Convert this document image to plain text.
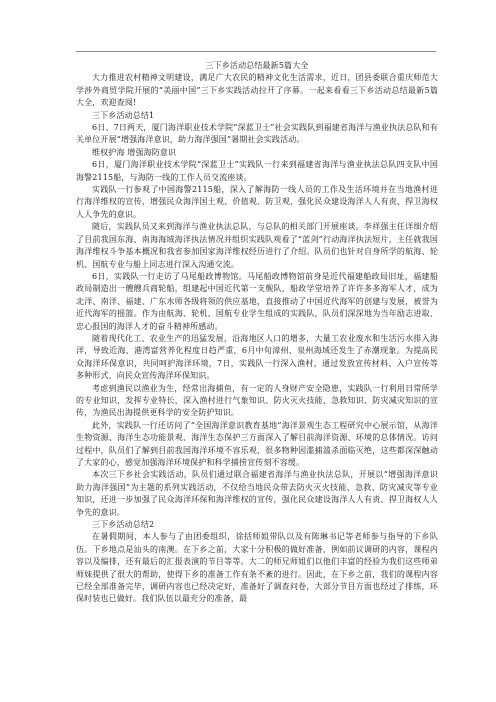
三下乡活动总结最新5篇大全

大力推进农村精神文明建设，满足广大农民的精神文化生活需求，近日，团县委联合重庆师范大学涉外商贸学院开展的“美丽中国”三下乡实践活动拉开了序幕。一起来看看三下乡活动总结最新5篇大全，欢迎查阅!

三下乡活动总结1

6日、7日两天，厦门海洋职业技术学院“深蓝卫士”社会实践队到福建省海洋与渔业执法总队和有关单位开展“增强海洋意识，助力海洋强国”暑期社会实践活动。

维权护海 增强海防意识

6日，厦门海洋职业技术学院“深蓝卫士”实践队一行来到福建省海洋与渔业执法总队四支队中国海警2115船，与海防一线的工作人员交流座谈。

实践队一行参观了中国海警2115船，深入了解海防一线人员的工作及生活环境并在当地渔村进行海洋维权的宣传，增强民众海洋国土观、价值观、防卫观，强化民众建设海洋人人有责、捍卫海权人人争先的意识。

随后，实践队员又来到海洋与渔业执法总队，与总队的相关部门开展座谈。李祥强主任详细介绍了目前我国东海、南海海域海洋执法情况并组织实践队观看了“蓝剑”行动海洋执法短片，主任就我国海洋维权斗争基本概况和我省参加国家海洋维权经历进行了介绍。队员们也针对自身所学的航海、轮机、国航专业与船上同志进行深入沟通交流。

6日，实践队一行走访了马尾船政博物馆。马尾船政博物馆前身是近代福建船政局旧址，福建船政局制造出一艘艘兵商轮船，组建起中国近代第一支舰队，船政学堂培养了许许多多海军人才，成为北洋、南洋、福建、广东水师各级将领的供应基地，直接推动了中国近代海军的创建与发展，被誉为近代海军的摇篮。作为由航海、轮机、国航专业学生组成的实践队，队员们深深地为当年励志进取、忠心报国的海洋人才的奋斗精神所感动。

随着现代化工、农业生产的迅猛发展，沿海地区人口的增多，大量工农业废水和生活污水排入海洋，导致近海、港湾富营养化程度日趋严重，6月中旬漳州、泉州海域还发生了赤潮现象。为提高民众海洋环保意识，共同呵护海洋环境，7日，实践队一行深入渔村，通过发放宣传材料、入户宣传等多种形式，向民众宣传海洋环保知识。

考虑到渔民以渔业为生，经常出海捕鱼，有一定的人身财产安全隐患，实践队一行利用日常所学的专业知识，发挥专业特长，深入渔村进行气象知识、防火灭火技能、急救知识、防灾减灾知识的宣传，为渔民出海提供更科学的安全防护知识。

此外，实践队一行还访问了“全国海洋意识教育基地”海洋景观生态工程研究中心展示馆，从海洋生物资源、海洋生态功能景观、海洋生态保护三方面深入了解目前海洋资源、环境的总体情况。访问过程中，队员们了解到目前我国海洋环境不容乐观，很多物种因滥捕滥杀面临灭绝，这些都深深触动了大家的心，感觉加强海洋环境保护和科学捕捞宣传刻不容缓。

本次三下乡社会实践活动，队员们通过联合福建省海洋与渔业执法总队，开展以“增强海洋意识助力海洋强国”为主题的系列实践活动，不仅给当地民众带去防火灭火技能、急救、防灾减灾等专业知识，还进一步加强了民众海洋环保和海洋维权的宣传，强化民众建设海洋人人有责、捍卫海权人人争先的意识。

三下乡活动总结2

在暑假期间，本人参与了由团委组织，徐括师姐带队以及有陈琳书记等老师参与指导的下乡队伍。下乡地点是汕头的南澳。在下乡之前，大家十分积极的做好准备，例如前议调研的内容，课程内容以及编排，还有最后的汇报表演的节目等等。大二的师兄师姐们以他们丰富的经验为我们这些师弟师妹提供了很大的帮助，使得下乡的准备工作有条不紊的进行。因此，在下乡之前，我们的课程内容已经全部准备完毕，调研内容也已经决定好，准备好了调查问卷，大部分节目方面也经过了排练，环保时装也已做好。我们队伍以最充分的准备，最
